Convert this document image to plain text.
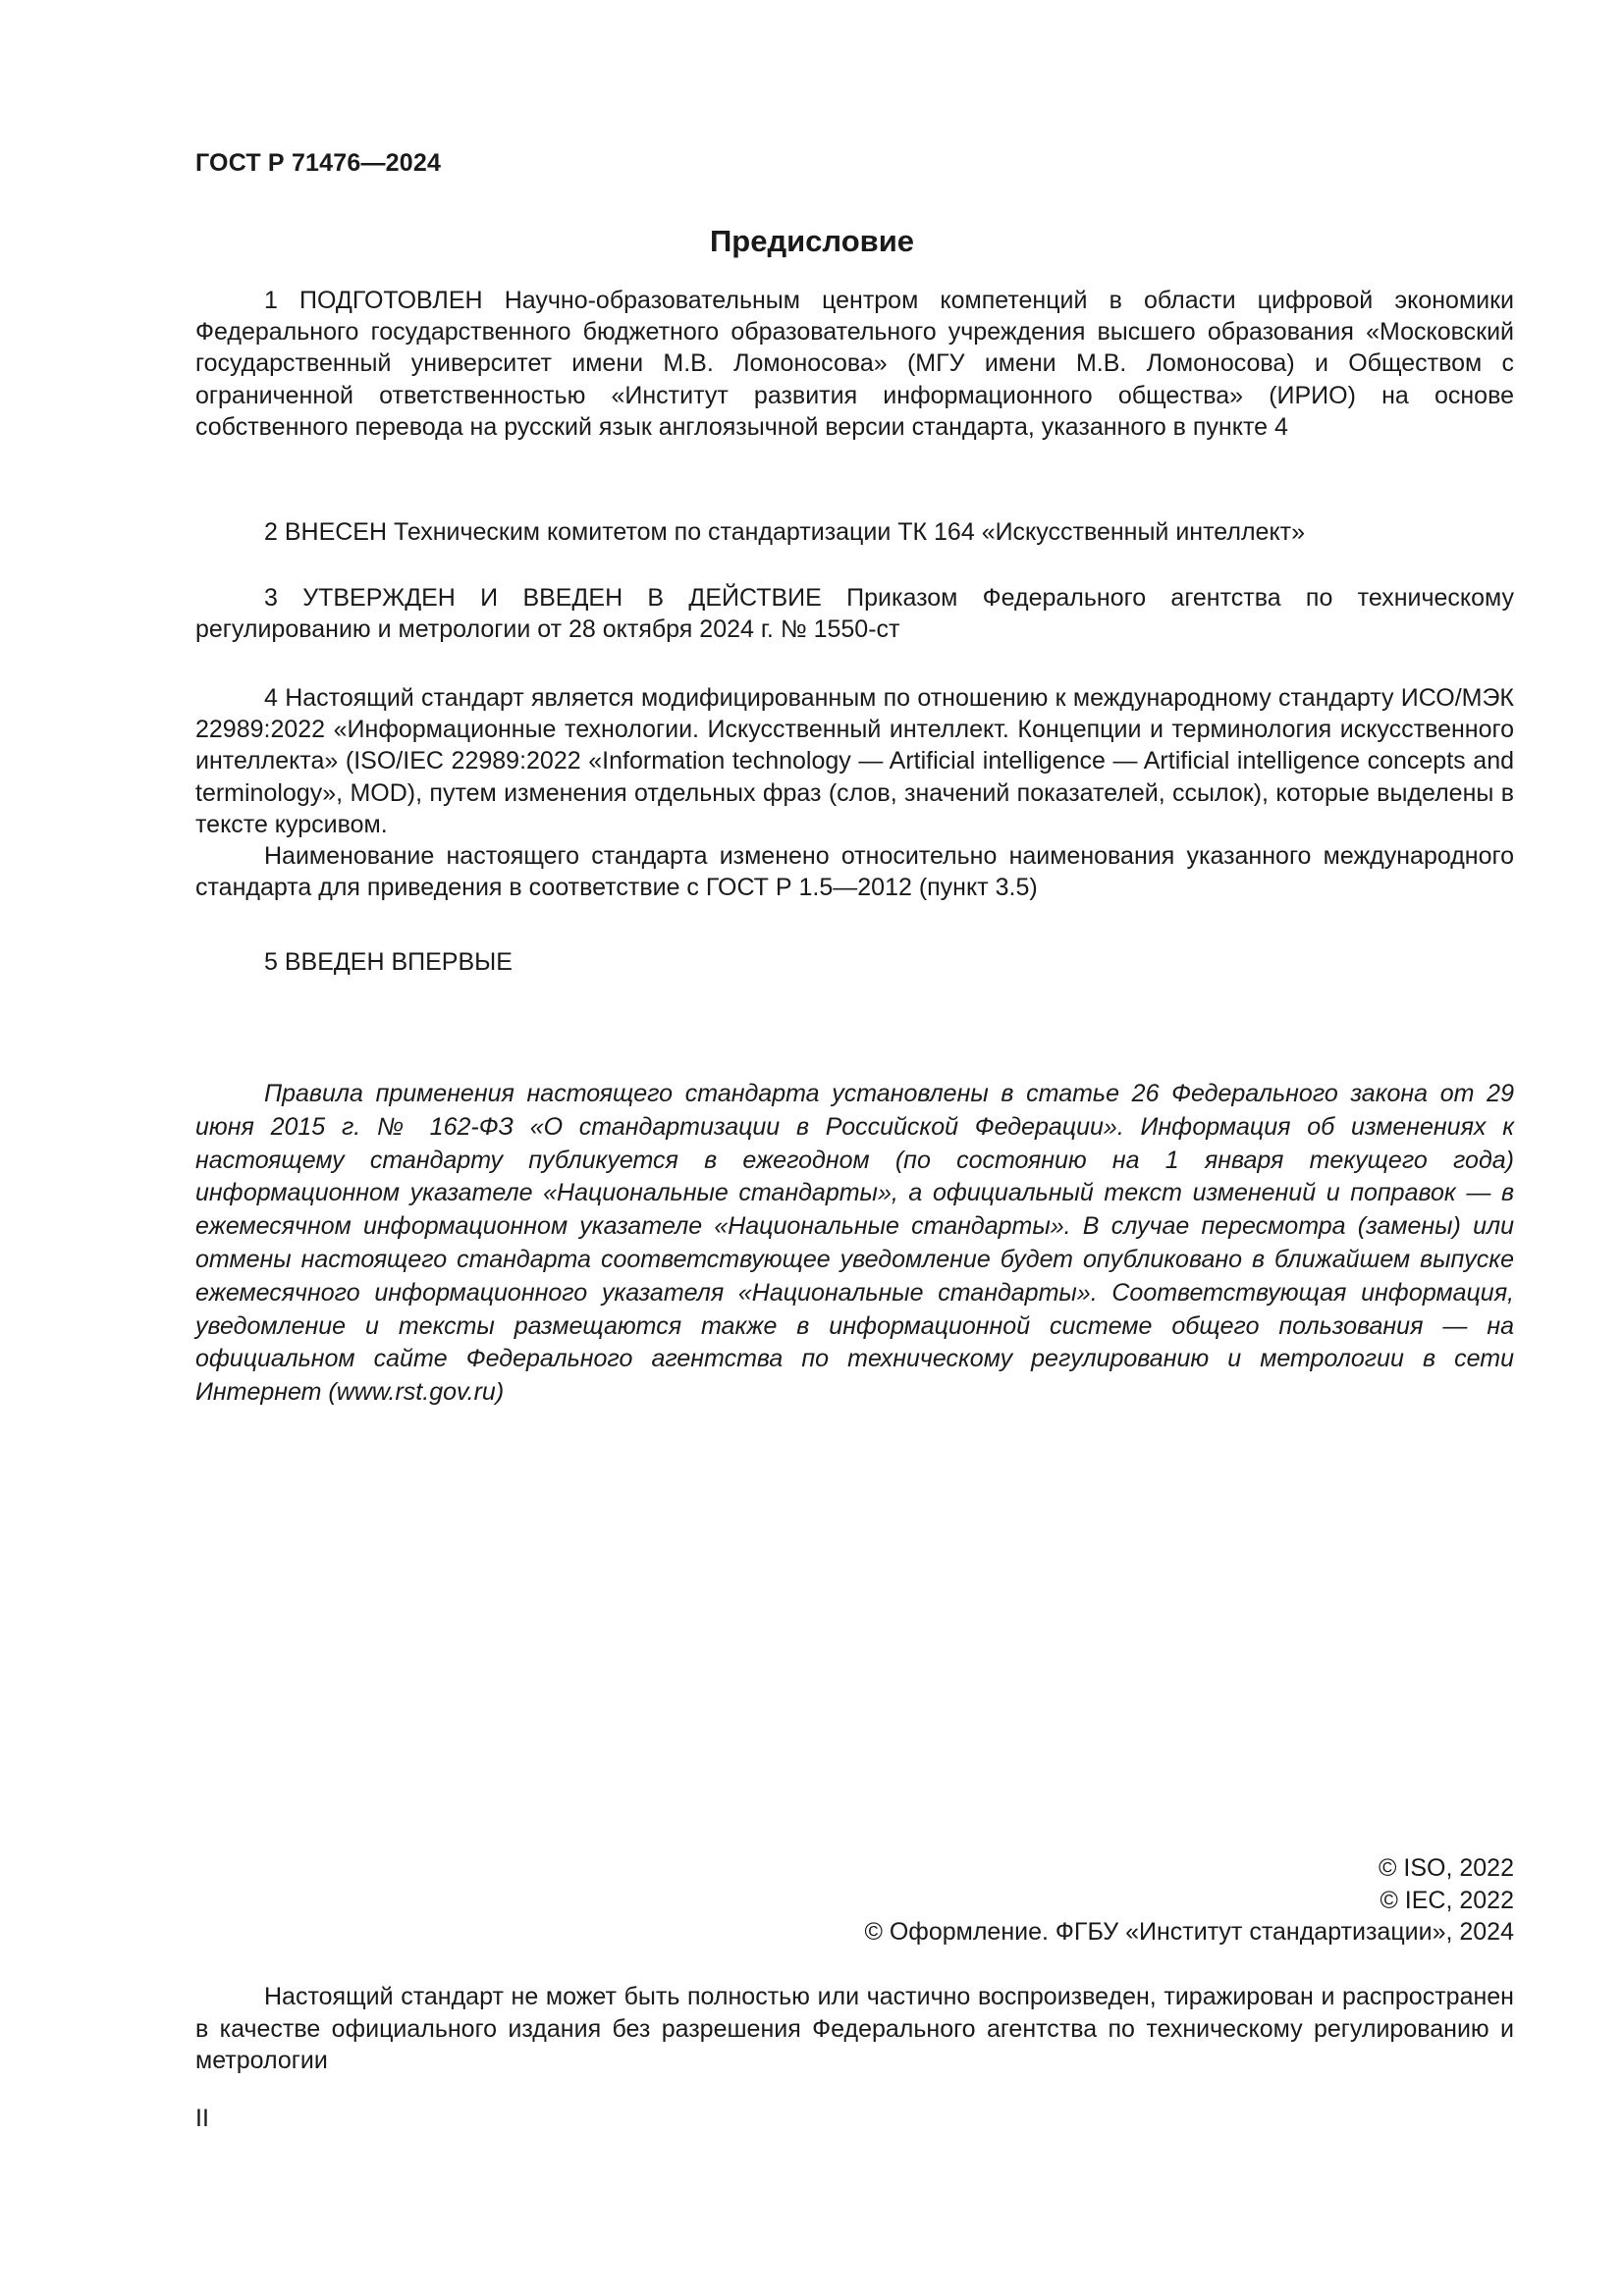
ГОСТ Р 71476—2024
Предисловие

1 ПОДГОТОВЛЕН Научно-образовательным центром компетенций в области цифровой экономики Федерального государственного бюджетного образовательного учреждения высшего образования «Московский государственный университет имени М.В. Ломоносова» (МГУ имени М.В. Ломоносова) и Обществом с ограниченной ответственностью «Институт развития информационного общества» (ИРИО) на основе собственного перевода на русский язык англоязычной версии стандарта, указанного в пункте 4

2 ВНЕСЕН Техническим комитетом по стандартизации ТК 164 «Искусственный интеллект»

3 УТВЕРЖДЕН И ВВЕДЕН В ДЕЙСТВИЕ Приказом Федерального агентства по техническому регулированию и метрологии от 28 октября 2024 г. № 1550-ст

4 Настоящий стандарт является модифицированным по отношению к международному стандарту ИСО/МЭК 22989:2022 «Информационные технологии. Искусственный интеллект. Концепции и терминология искусственного интеллекта» (ISO/IEC 22989:2022 «Information technology — Artificial intelligence — Artificial intelligence concepts and terminology», MOD), путем изменения отдельных фраз (слов, значений показателей, ссылок), которые выделены в тексте курсивом.

Наименование настоящего стандарта изменено относительно наименования указанного международного стандарта для приведения в соответствие с ГОСТ Р 1.5—2012 (пункт 3.5)

5 ВВЕДЕН ВПЕРВЫЕ

Правила применения настоящего стандарта установлены в статье 26 Федерального закона от 29 июня 2015 г. № 162-ФЗ «О стандартизации в Российской Федерации». Информация об изменениях к настоящему стандарту публикуется в ежегодном (по состоянию на 1 января текущего года) информационном указателе «Национальные стандарты», а официальный текст изменений и поправок — в ежемесячном информационном указателе «Национальные стандарты». В случае пересмотра (замены) или отмены настоящего стандарта соответствующее уведомление будет опубликовано в ближайшем выпуске ежемесячного информационного указателя «Национальные стандарты». Соответствующая информация, уведомление и тексты размещаются также в информационной системе общего пользования — на официальном сайте Федерального агентства по техническому регулированию и метрологии в сети Интернет (www.rst.gov.ru)

© ISO, 2022
© IEC, 2022
© Оформление. ФГБУ «Институт стандартизации», 2024

Настоящий стандарт не может быть полностью или частично воспроизведен, тиражирован и распространен в качестве официального издания без разрешения Федерального агентства по техническому регулированию и метрологии

II
